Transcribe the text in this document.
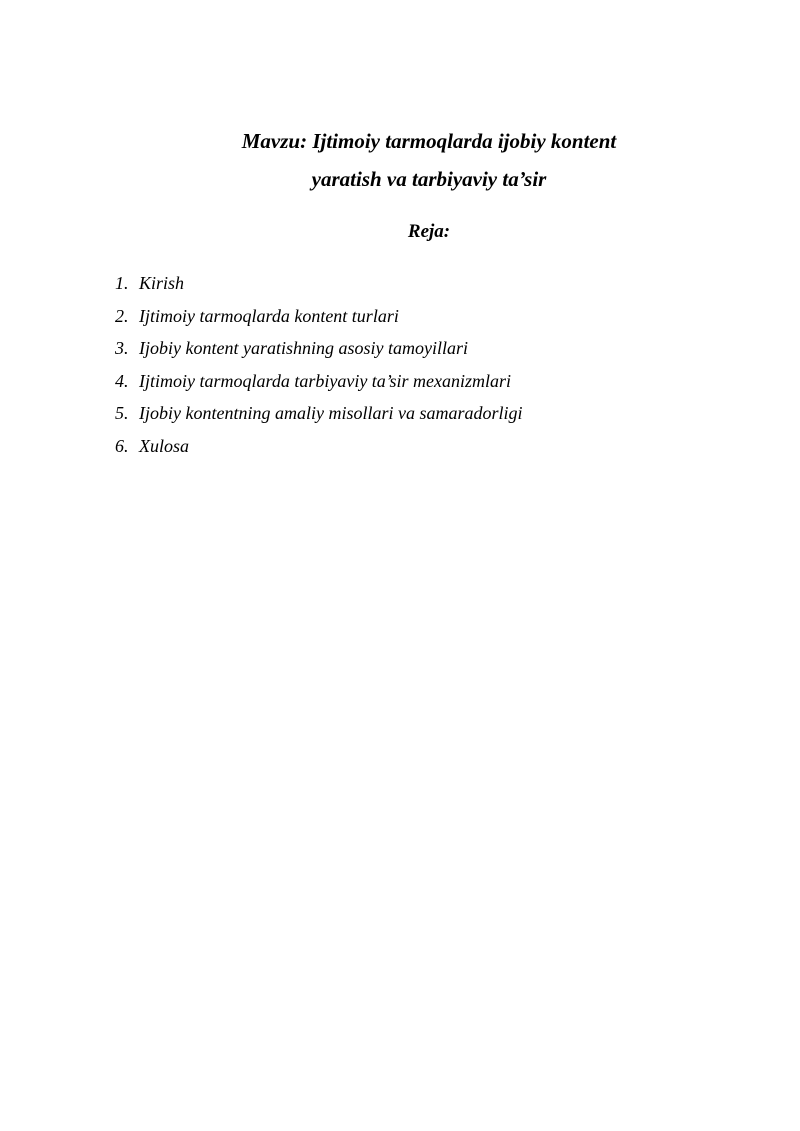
Mavzu: Ijtimoiy tarmoqlarda ijobiy kontent
yaratish va tarbiyaviy ta’sir
Reja:
1. Kirish
2. Ijtimoiy tarmoqlarda kontent turlari
3. Ijobiy kontent yaratishning asosiy tamoyillari
4. Ijtimoiy tarmoqlarda tarbiyaviy ta’sir mexanizmlari
5. Ijobiy kontentning amaliy misollari va samaradorligi
6. Xulosa
